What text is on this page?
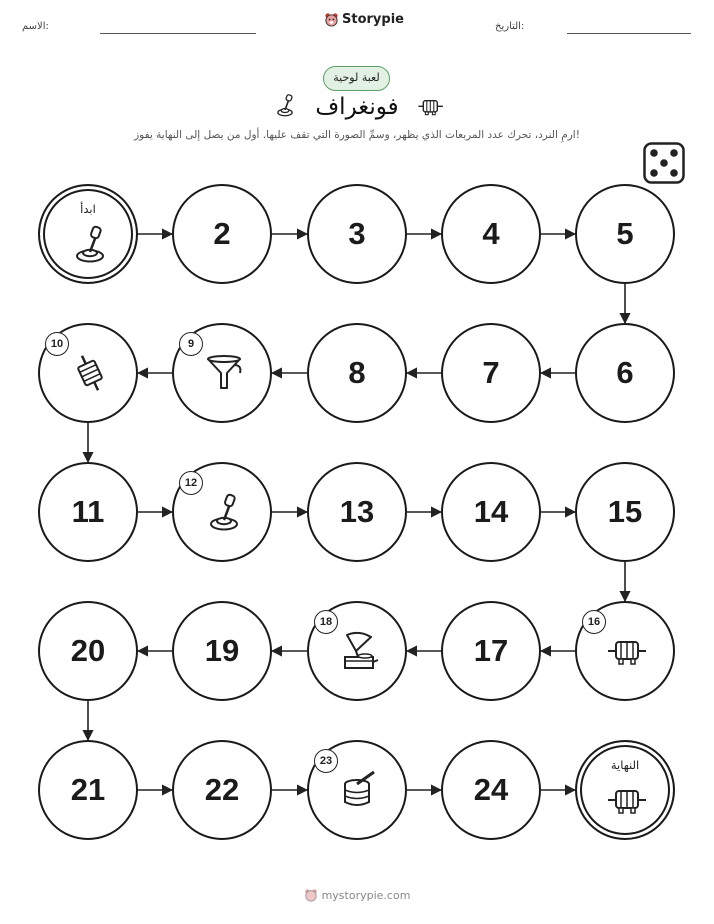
الاسم:	Storypie	التاريخ:
لعبة لوحية
فونغراف
ارمِ النرد، تحرك عدد المربعات الذي يظهر، وسمِّ الصورة التي تقف عليها. أول من يصل إلى النهاية يفوز!
ابدأ
2	3	4	5
6
7
8
9
10
11
12
13	14	15
16
17
18
19
20
21	22
23
24
النهاية
mystorypie.com
